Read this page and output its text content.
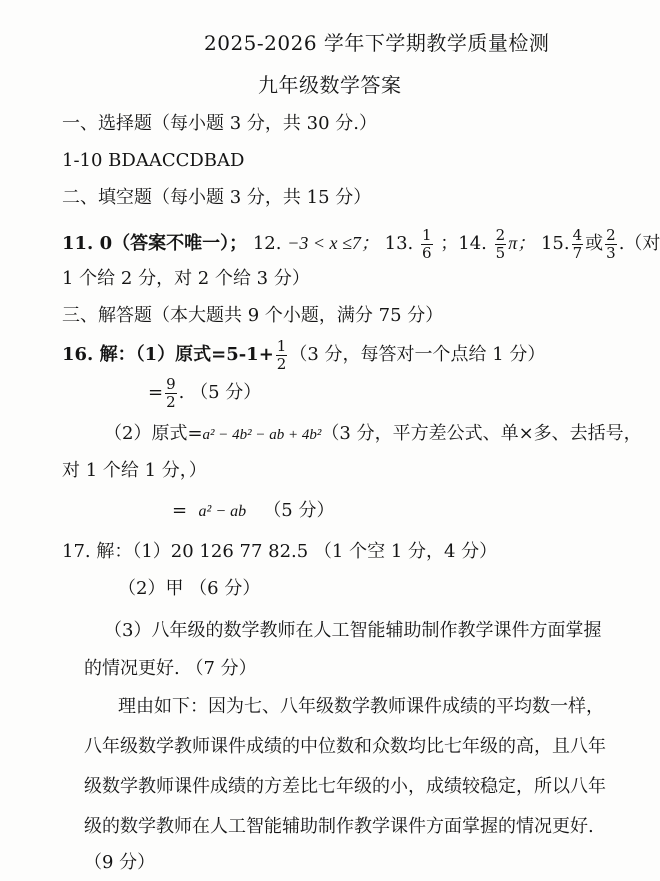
2025-2026 学年下学期教学质量检测
九年级数学答案
一、选择题（每小题 3 分，共 30 分.）
1-10 BDAACCDBAD
二、填空题（每小题 3 分，共 15 分）
11. 0（答案不唯一）； 12. −3 < x ≤7； 13. $\frac{1}{6}$ ；14. $\frac{2}{5}$ π； 15. $\frac{4}{7}$ 或 $\frac{2}{3}$ .（对
1 个给 2 分，对 2 个给 3 分）
三、解答题（本大题共 9 个小题，满分 75 分）
16. 解：（1）原式$=5-1+ \frac{1}{2} (3$ 分，每答对一个点给 1 分）
= $\frac{9}{2}$ . （5 分）
（2）原式=a² − 4b² − ab + 4b²（3 分，平方差公式、单×多、去括号，
对 1 个给 1 分，）
= a² − ab （5 分）
17. 解：（1）20 126 77 82.5 （1 个空 1 分，4 分）
（2）甲 （6 分）
（3）八年级的数学教师在人工智能辅助制作教学课件方面掌握
的情况更好. （7 分）
理由如下：因为七、八年级数学教师课件成绩的平均数一样，
八年级数学教师课件成绩的中位数和众数均比七年级的高，且八年
级数学教师课件成绩的方差比七年级的小，成绩较稳定，所以八年
级的数学教师在人工智能辅助制作教学课件方面掌握的情况更好.
（9 分）
